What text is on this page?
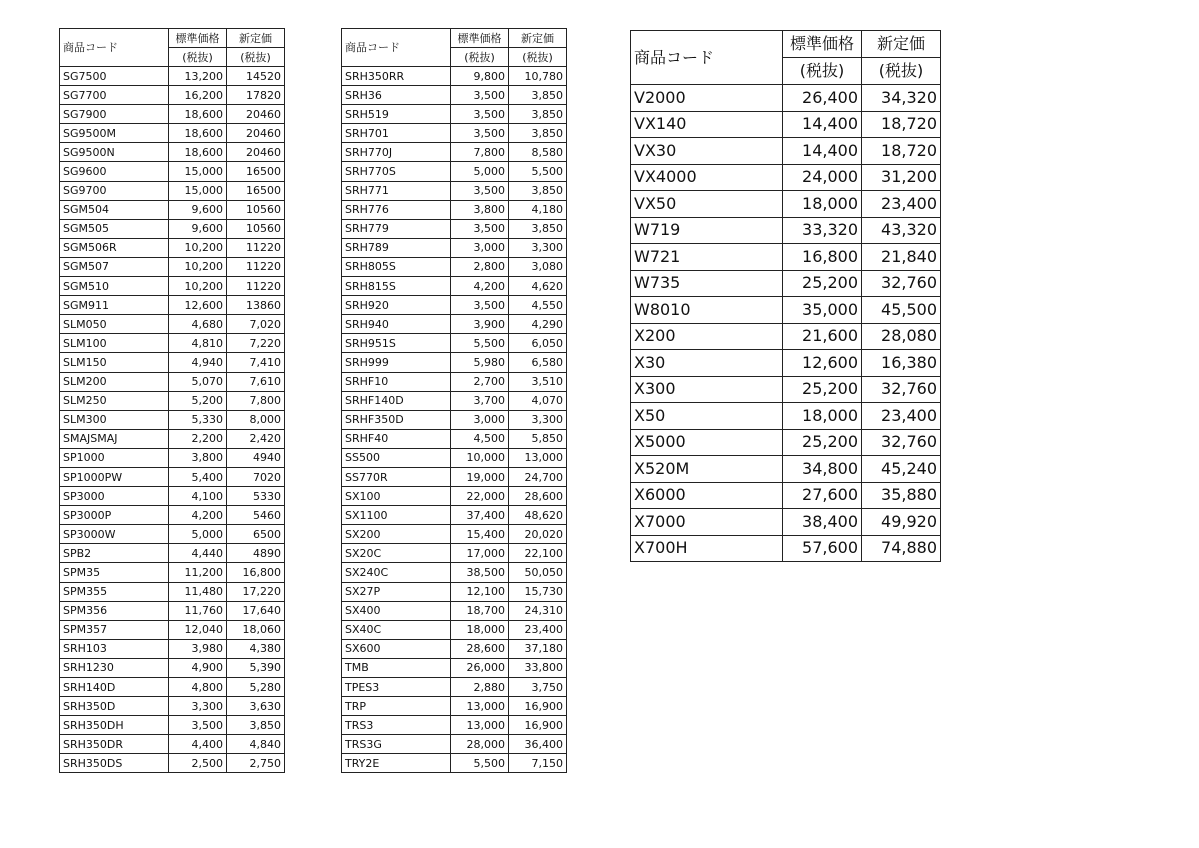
商品コード	標準価格	新定価
	(税抜)	(税抜)
SG7500	13,200	14520
SG7700	16,200	17820
SG7900	18,600	20460
SG9500M	18,600	20460
SG9500N	18,600	20460
SG9600	15,000	16500
SG9700	15,000	16500
SGM504	9,600	10560
SGM505	9,600	10560
SGM506R	10,200	11220
SGM507	10,200	11220
SGM510	10,200	11220
SGM911	12,600	13860
SLM050	4,680	7,020
SLM100	4,810	7,220
SLM150	4,940	7,410
SLM200	5,070	7,610
SLM250	5,200	7,800
SLM300	5,330	8,000
SMAJSMAJ	2,200	2,420
SP1000	3,800	4940
SP1000PW	5,400	7020
SP3000	4,100	5330
SP3000P	4,200	5460
SP3000W	5,000	6500
SPB2	4,440	4890
SPM35	11,200	16,800
SPM355	11,480	17,220
SPM356	11,760	17,640
SPM357	12,040	18,060
SRH103	3,980	4,380
SRH1230	4,900	5,390
SRH140D	4,800	5,280
SRH350D	3,300	3,630
SRH350DH	3,500	3,850
SRH350DR	4,400	4,840
SRH350DS	2,500	2,750
商品コード	標準価格	新定価
	(税抜)	(税抜)
SRH350RR	9,800	10,780
SRH36	3,500	3,850
SRH519	3,500	3,850
SRH701	3,500	3,850
SRH770J	7,800	8,580
SRH770S	5,000	5,500
SRH771	3,500	3,850
SRH776	3,800	4,180
SRH779	3,500	3,850
SRH789	3,000	3,300
SRH805S	2,800	3,080
SRH815S	4,200	4,620
SRH920	3,500	4,550
SRH940	3,900	4,290
SRH951S	5,500	6,050
SRH999	5,980	6,580
SRHF10	2,700	3,510
SRHF140D	3,700	4,070
SRHF350D	3,000	3,300
SRHF40	4,500	5,850
SS500	10,000	13,000
SS770R	19,000	24,700
SX100	22,000	28,600
SX1100	37,400	48,620
SX200	15,400	20,020
SX20C	17,000	22,100
SX240C	38,500	50,050
SX27P	12,100	15,730
SX400	18,700	24,310
SX40C	18,000	23,400
SX600	28,600	37,180
TMB	26,000	33,800
TPES3	2,880	3,750
TRP	13,000	16,900
TRS3	13,000	16,900
TRS3G	28,000	36,400
TRY2E	5,500	7,150
商品コード	標準価格	新定価
	(税抜)	(税抜)
V2000	26,400	34,320
VX140	14,400	18,720
VX30	14,400	18,720
VX4000	24,000	31,200
VX50	18,000	23,400
W719	33,320	43,320
W721	16,800	21,840
W735	25,200	32,760
W8010	35,000	45,500
X200	21,600	28,080
X30	12,600	16,380
X300	25,200	32,760
X50	18,000	23,400
X5000	25,200	32,760
X520M	34,800	45,240
X6000	27,600	35,880
X7000	38,400	49,920
X700H	57,600	74,880
